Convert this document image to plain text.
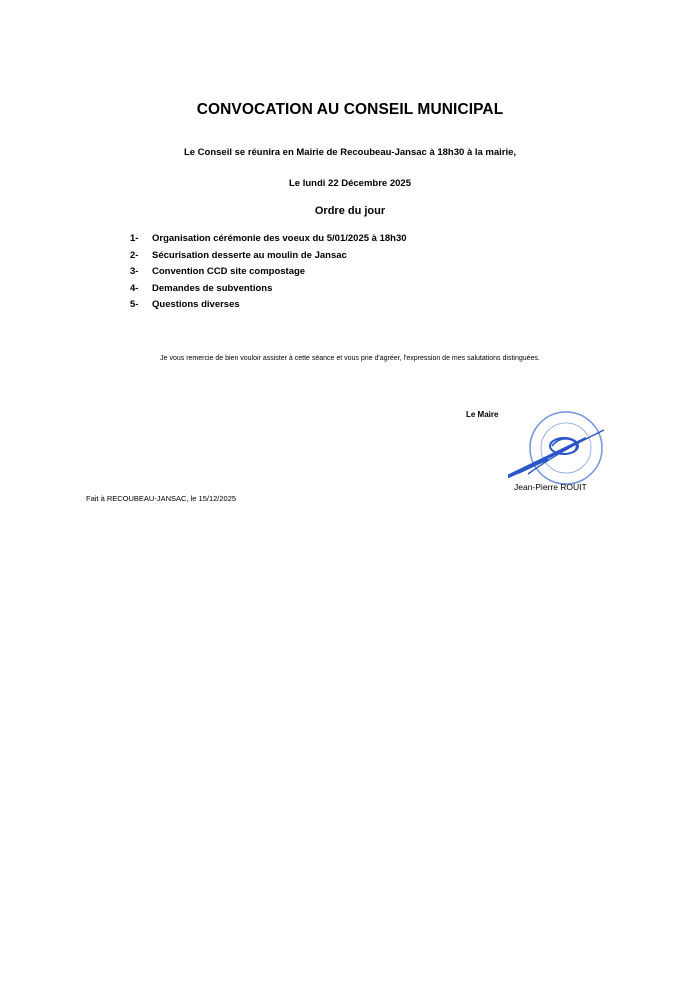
CONVOCATION AU CONSEIL MUNICIPAL
Le Conseil se réunira en Mairie de Recoubeau-Jansac à 18h30 à la mairie,
Le lundi 22 Décembre 2025
Ordre du jour
1- Organisation cérémonie des voeux du 5/01/2025 à 18h30
2- Sécurisation desserte au moulin de Jansac
3- Convention CCD site compostage
4- Demandes de subventions
5- Questions diverses
Je vous remercie de bien vouloir assister à cette séance et vous prie d'agréer, l'expression de mes salutations distinguées.
Le Maire
Jean-Pierre ROUIT
Fait à RECOUBEAU-JANSAC, le 15/12/2025
